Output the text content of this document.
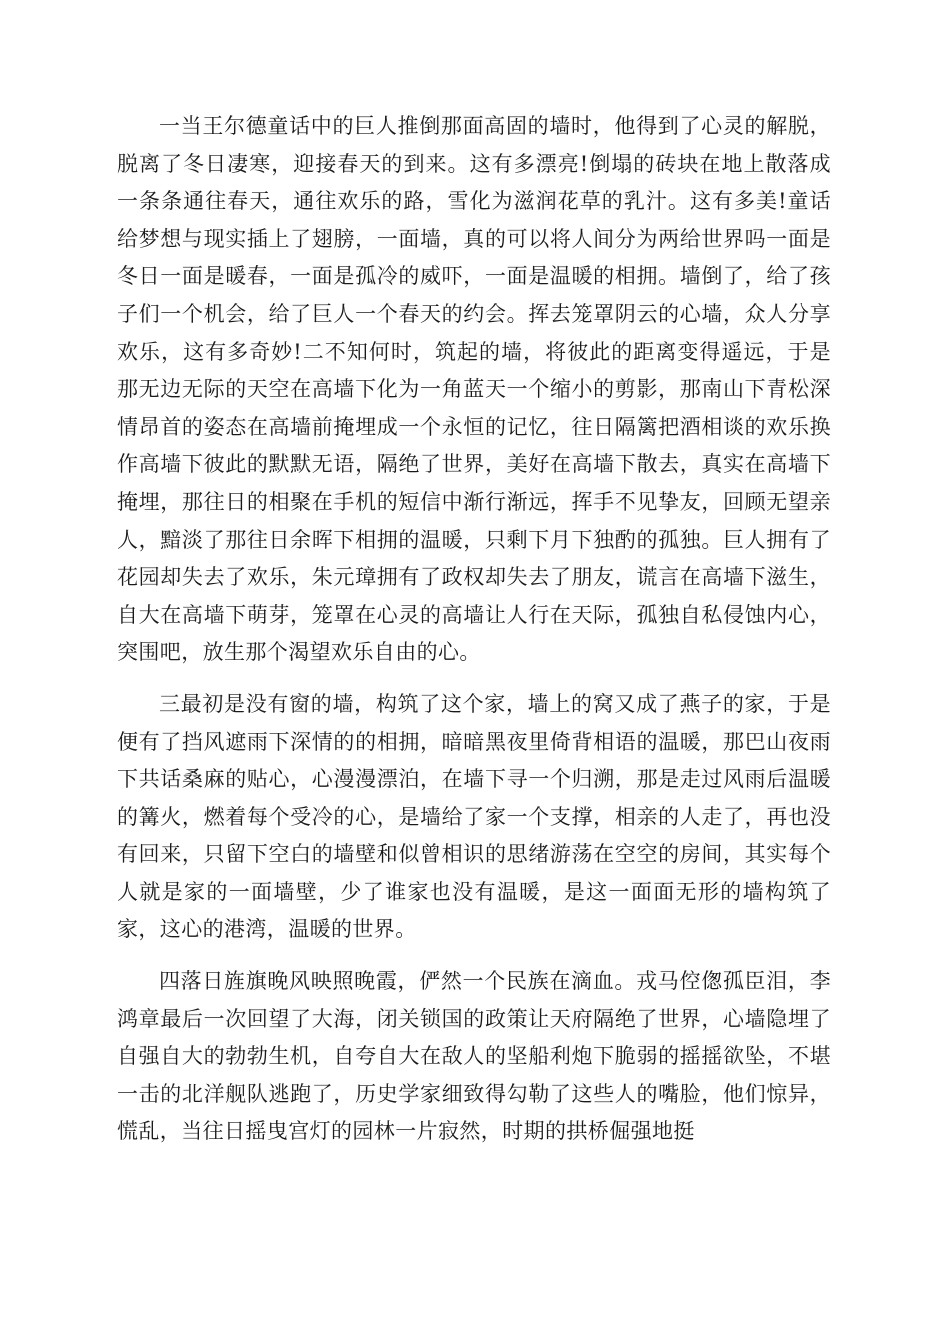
一当王尔德童话中的巨人推倒那面高固的墙时，他得到了心灵的解脱，脱离了冬日凄寒，迎接春天的到来。这有多漂亮!倒塌的砖块在地上散落成一条条通往春天，通往欢乐的路，雪化为滋润花草的乳汁。这有多美!童话给梦想与现实插上了翅膀，一面墙，真的可以将人间分为两给世界吗一面是冬日一面是暖春，一面是孤冷的威吓，一面是温暖的相拥。墙倒了，给了孩子们一个机会，给了巨人一个春天的约会。挥去笼罩阴云的心墙，众人分享欢乐，这有多奇妙!二不知何时，筑起的墙，将彼此的距离变得遥远，于是那无边无际的天空在高墙下化为一角蓝天一个缩小的剪影，那南山下青松深情昂首的姿态在高墙前掩埋成一个永恒的记忆，往日隔篱把酒相谈的欢乐换作高墙下彼此的默默无语，隔绝了世界，美好在高墙下散去，真实在高墙下掩埋，那往日的相聚在手机的短信中渐行渐远，挥手不见挚友，回顾无望亲人，黯淡了那往日余晖下相拥的温暖，只剩下月下独酌的孤独。巨人拥有了花园却失去了欢乐，朱元璋拥有了政权却失去了朋友，谎言在高墙下滋生，自大在高墙下萌芽，笼罩在心灵的高墙让人行在天际，孤独自私侵蚀内心，突围吧，放生那个渴望欢乐自由的心。

三最初是没有窗的墙，构筑了这个家，墙上的窝又成了燕子的家，于是便有了挡风遮雨下深情的的相拥，暗暗黑夜里倚背相语的温暖，那巴山夜雨下共话桑麻的贴心，心漫漫漂泊，在墙下寻一个归溯，那是走过风雨后温暖的篝火，燃着每个受冷的心，是墙给了家一个支撑，相亲的人走了，再也没有回来，只留下空白的墙壁和似曾相识的思绪游荡在空空的房间，其实每个人就是家的一面墙壁，少了谁家也没有温暖，是这一面面无形的墙构筑了家，这心的港湾，温暖的世界。

四落日旌旗晚风映照晚霞，俨然一个民族在滴血。戎马倥偬孤臣泪，李鸿章最后一次回望了大海，闭关锁国的政策让天府隔绝了世界，心墙隐埋了自强自大的勃勃生机，自夸自大在敌人的坚船利炮下脆弱的摇摇欲坠，不堪一击的北洋舰队逃跑了，历史学家细致得勾勒了这些人的嘴脸，他们惊异，慌乱，当往日摇曳宫灯的园林一片寂然，时期的拱桥倔强地挺
